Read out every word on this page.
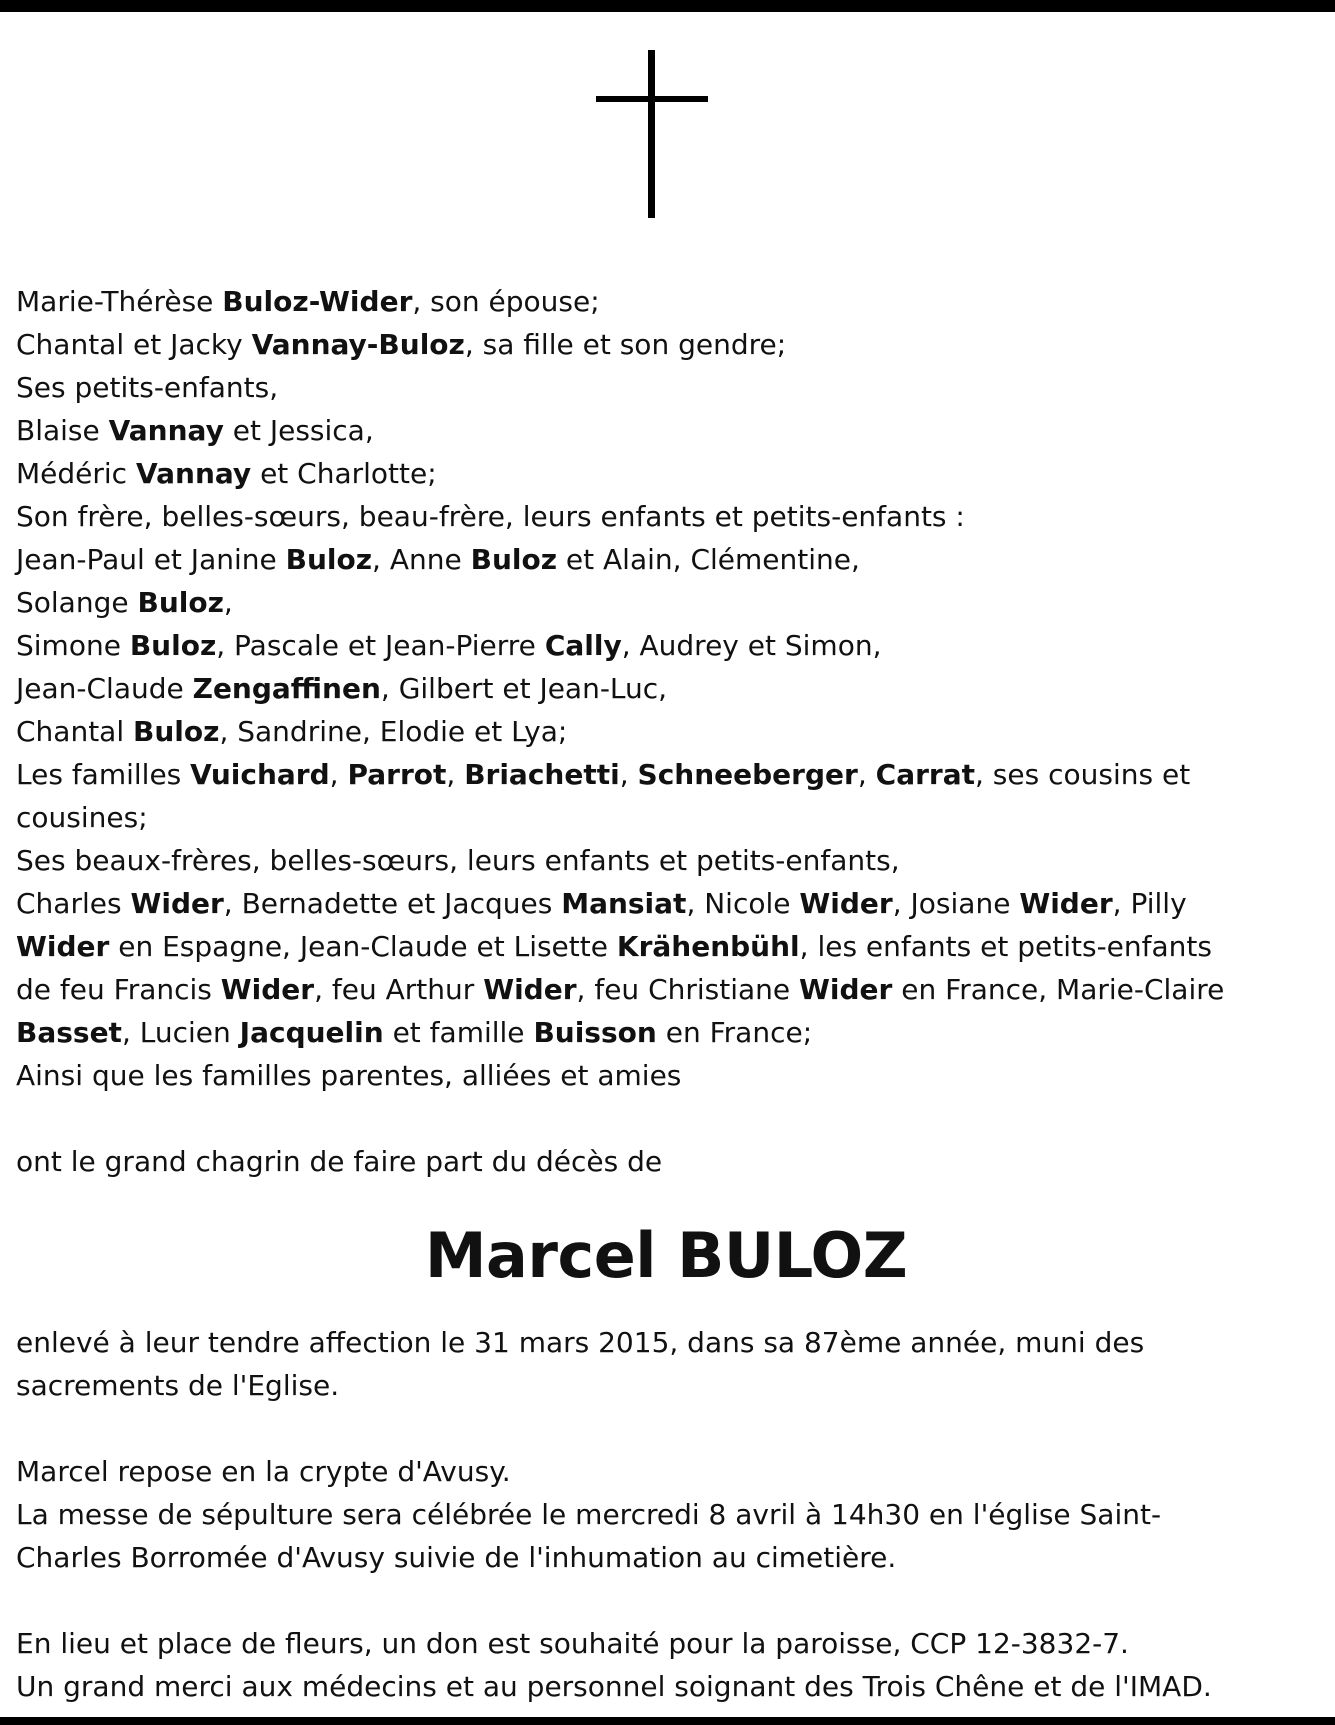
Marie-Thérèse Buloz-Wider, son épouse;
Chantal et Jacky Vannay-Buloz, sa fille et son gendre;
Ses petits-enfants,
Blaise Vannay et Jessica,
Médéric Vannay et Charlotte;
Son frère, belles-sœurs, beau-frère, leurs enfants et petits-enfants :
Jean-Paul et Janine Buloz, Anne Buloz et Alain, Clémentine,
Solange Buloz,
Simone Buloz, Pascale et Jean-Pierre Cally, Audrey et Simon,
Jean-Claude Zengaffinen, Gilbert et Jean-Luc,
Chantal Buloz, Sandrine, Elodie et Lya;
Les familles Vuichard, Parrot, Briachetti, Schneeberger, Carrat, ses cousins et
cousines;
Ses beaux-frères, belles-sœurs, leurs enfants et petits-enfants,
Charles Wider, Bernadette et Jacques Mansiat, Nicole Wider, Josiane Wider, Pilly
Wider en Espagne, Jean-Claude et Lisette Krähenbühl, les enfants et petits-enfants
de feu Francis Wider, feu Arthur Wider, feu Christiane Wider en France, Marie-Claire
Basset, Lucien Jacquelin et famille Buisson en France;
Ainsi que les familles parentes, alliées et amies
ont le grand chagrin de faire part du décès de
Marcel BULOZ
enlevé à leur tendre affection le 31 mars 2015, dans sa 87ème année, muni des
sacrements de l'Eglise.
Marcel repose en la crypte d'Avusy.
La messe de sépulture sera célébrée le mercredi 8 avril à 14h30 en l'église Saint-
Charles Borromée d'Avusy suivie de l'inhumation au cimetière.
En lieu et place de fleurs, un don est souhaité pour la paroisse, CCP 12-3832-7.
Un grand merci aux médecins et au personnel soignant des Trois Chêne et de l'IMAD.
